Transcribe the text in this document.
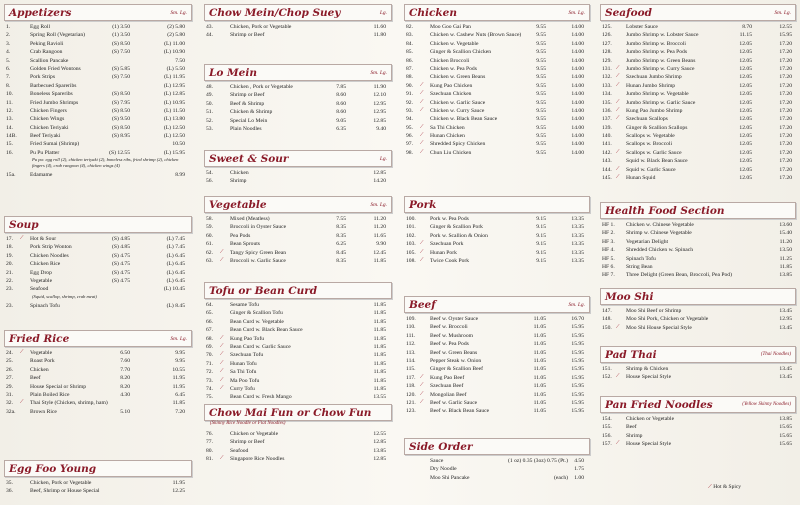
Appetizers	Sm. Lg.
1.	Egg Roll	(1) 3.50	(2) 5.80
2.	Spring Roll (Vegetarian)	(1) 3.50	(2) 5.80
3.	Peking Ravioli	(S) 8.50	(L) 11.00
4.	Crab Rangoon	(S) 7.50	(L) 10.90
5.	Scallion Pancake	7.50
6.	Golden Fried Wontons	(S) 5.85	(L) 5.50
7.	Pork Strips	(S) 7.50	(L) 11.95
8.	Barbecued Spareribs	(L) 12.95
10.	Boneless Spareribs	(S) 8.50	(L) 12.85
11.	Fried Jumbo Shrimps	(S) 7.95	(L) 10.95
12.	Chicken Fingers	(S) 8.50	(L) 11.50
13.	Chicken Wings	(S) 9.50	(L) 13.80
14.	Chicken Teriyaki	(S) 8.50	(L) 12.50
14B. Beef Teriyaki	(S) 8.95	(L) 12.50
15.	Fried Sumai (Shrimp)	10.50
16.	Pu Pu Platter	(S) 12.55	(L) 15.95
Pu pu: egg roll (2), chicken teriyaki (2), boneless ribs, fried shrimp (2), chicken fingers (4), crab rangoon (4), chicken wings (4)
15a.	Edamame	8.99
Soup
17. ⟋ Hot & Sour	(S) 4.85	(L) 7.45
18.	Pork Strip Wonton	(S) 4.85	(L) 7.45
19.	Chicken Noodles	(S) 4.75	(L) 6.45
20.	Chicken Rice	(S) 4.75	(L) 6.45
21.	Egg Drop	(S) 4.75	(L) 6.45
22.	Vegetable	(S) 4.75	(L) 6.45
23.	Seafood	(L) 10.45
(Squid, scallop, shrimp, crab meat)
23.	Spinach Tofu	(L) 8.45
Fried Rice	Sm. Lg.
24. ⟋ Vegetable	6.50	9.95
25.	Roast Pork	7.60	9.95
26.	Chicken	7.70	10.55
27.	Beef	8.20	11.95
29.	House Special or Shrimp	8.20	11.95
31.	Plain Boiled Rice	4.30	6.45
32. ⟋ Thai Style (Chicken, shrimp, ham)	11.85
32a.	Brown Rice	5.10	7.20
Egg Foo Young
35.	Chicken, Pork or Vegetable	11.95
36.	Beef, Shrimp or House Special	12.25
Chow Mein/Chop Suey	Lg.
43.	Chicken, Pork or Vegetable	11.60
44.	Shrimp or Beef	11.80
Lo Mein	Sm. Lg.
48.	Chicken , Pork or Vegetable	7.85	11.90
49.	Shrimp or Beef	8.60	12.10
50.	Beef & Shrimp	8.60	12.95
51.	Chicken & Shrimp	8.60	12.95
52.	Special Lo Mein	9.05	12.85
53.	Plain Noodles	6.35	9.40
Sweet & Sour	Lg.
54.	Chicken	12.85
56.	Shrimp	14.20
Vegetable	Sm. Lg.
58.	Mixed (Meatless)	7.55	11.20
59.	Broccoli in Oyster Sauce	8.35	11.20
60.	Pea Pods	8.35	11.65
61.	Bean Sprouts	6.25	9.90
62. ⟋ Tangy Spicy Green Bean	8.45	12.45
63. ⟋ Broccoli w. Garlic Sauce	8.35	11.85
Tofu or Bean Curd
64.	Sesame Tofu	11.85
65.	Ginger & Scallion Tofu	11.85
66.	Bean Curd w. Vegetable	11.85
67.	Bean Curd w. Black Bean Sauce	11.85
68. ⟋ Kung Pao Tofu	11.85
69. ⟋ Bean Curd w. Garlic Sauce	11.85
70. ⟋ Szechuan Tofu	11.85
71. ⟋ Hunan Tofu	11.85
72. ⟋ Sa Thi Tofu	11.85
73. ⟋ Ma Poo Tofu	11.85
74. ⟋ Curry Tofu	11.85
75.	Bean Curd w. Fresh Mango	13.55
Chow Mai Fun or Chow Fun
(Skinny Rice Noodle or Flat Noodles)
76.	Chicken or Vegetable	12.55
77.	Shrimp or Beef	12.85
80.	Seafood	13.85
81. ⟋ Singapore Rice Noodles	12.85
Chicken	Sm. Lg.
82.	Moo Goo Gai Pan	9.55	14.00
83.	Chicken w. Cashew Nuts (Brown Sauce)	9.55	14.00
84.	Chicken w. Vegetable	9.55	14.00
85.	Ginger & Scallion Chicken	9.55	14.00
86.	Chicken Broccoli	9.55	14.00
87.	Chicken w. Pea Pods	9.55	14.00
88.	Chicken w. Green Beans	9.55	14.00
90. ⟋ Kung Pao Chicken	9.55	14.00
91. ⟋ Szechuan Chicken	9.55	14.00
92. ⟋ Chicken w. Garlic Sauce	9.55	14.00
93. ⟋ Chicken w. Curry Sauce	9.55	14.00
94.	Chicken w. Black Bean Sauce	9.55	14.00
95. ⟋ Sa Thi Chicken	9.55	14.00
96. ⟋ Hunan Chicken	9.55	14.00
97. ⟋ Shredded Spicy Chicken	9.55	14.00
98. ⟋ Chun Liu Chicken	9.55	14.00
Pork
100.	Pork w. Pea Pods	9.15	13.35
101.	Ginger & Scallion Pork	9.15	13.35
102.	Pork w. Scallion & Onion	9.15	13.35
103. ⟋ Szechuan Pork	9.15	13.35
105. ⟋ Hunan Pork	9.15	13.35
108. ⟋ Twice Cook Pork	9.15	13.35
Beef	Sm. Lg.
109.	Beef w. Oyster Sauce	11.05	16.70
110.	Beef w. Broccoli	11.05	15.95
111.	Beef w. Mushroom	11.05	15.95
112.	Beef w. Pea Pods	11.05	15.95
113.	Beef w. Green Beans	11.05	15.95
114.	Pepper Steak w. Onion	11.05	15.95
115.	Ginger & Scallion Beef	11.05	15.95
117. ⟋ Kung Pao Beef	11.05	15.95
118. ⟋ Szechuan Beef	11.05	15.95
120. ⟋ Mongolian Beef	11.05	15.95
121. ⟋ Beef w. Garlic Sauce	11.05	15.95
123.	Beef w. Black Bean Sauce	11.05	15.95
Side Order
Sauce	(1 oz) 0.35 (3oz) 0.75 (Pt.) 4.50
Dry Noodle	1.75
Moo Shi Pancake	(each) 1.00
Seafood	Sm. Lg.
125.	Lobster Sauce	8.70	12.55
126.	Jumbo Shrimp w. Lobster Sauce	11.15	15.95
127.	Jumbo Shrimp w. Broccoli	12.05	17.20
128.	Jumbo Shrimp w. Pea Pods	12.05	17.20
129.	Jumbo Shrimp w. Green Beans	12.05	17.20
131. ⟋ Jumbo Shrimp w. Curry Sauce	12.05	17.20
132. ⟋ Szechuan Jumbo Shrimp	12.05	17.20
133. ⟋ Hunan Jumbo Shrimp	12.05	17.20
134.	Jumbo Shrimp w. Vegetable	12.05	17.20
135. ⟋ Jumbo Shrimp w. Garlic Sauce	12.05	17.20
136. ⟋ Kung Pao Jumbo Shrimp	12.05	17.20
137. ⟋ Szechuan Scallops	12.05	17.20
139.	Ginger & Scallion Scallops	12.05	17.20
140.	Scallops w. Vegetable	12.05	17.20
141.	Scallops w. Broccoli	12.05	17.20
142. ⟋ Scallops w. Garlic Sauce	12.05	17.20
143.	Squid w. Black Bean Sauce	12.05	17.20
144. ⟋ Squid w. Garlic Sauce	12.05	17.20
145. ⟋ Hunan Squid	12.05	17.20
Health Food Section
HF 1. Chicken w. Chinese Vegetable	13.60
HF 2. Shrimp w. Chinese Vegetable	15.40
HF 3. Vegetarian Delight	11.20
HF 4. Shredded Chicken w. Spinach	13.50
HF 5. Spinach Tofu	11.25
HF 6. String Bean	11.85
HF 7. Three Delight (Green Bean, Broccoli, Pea Pod)	13.85
Moo Shi
147.	Moo Shi Beef or Shrimp	13.45
148.	Moo Shi Pork, Chicken or Vegetable	12.95
150. ⟋ Moo Shi House Special Style	13.45
Pad Thai	(Thai Noodles)
151.	Shrimp & Chicken	13.45
152. ⟋ House Special Style	13.45
Pan Fried Noodles	(Yellow Skinny Noodles)
154.	Chicken or Vegetable	13.85
155.	Beef	15.65
156.	Shrimp	15.65
157. ⟋ House Special Style	15.65
⟋ Hot & Spicy
